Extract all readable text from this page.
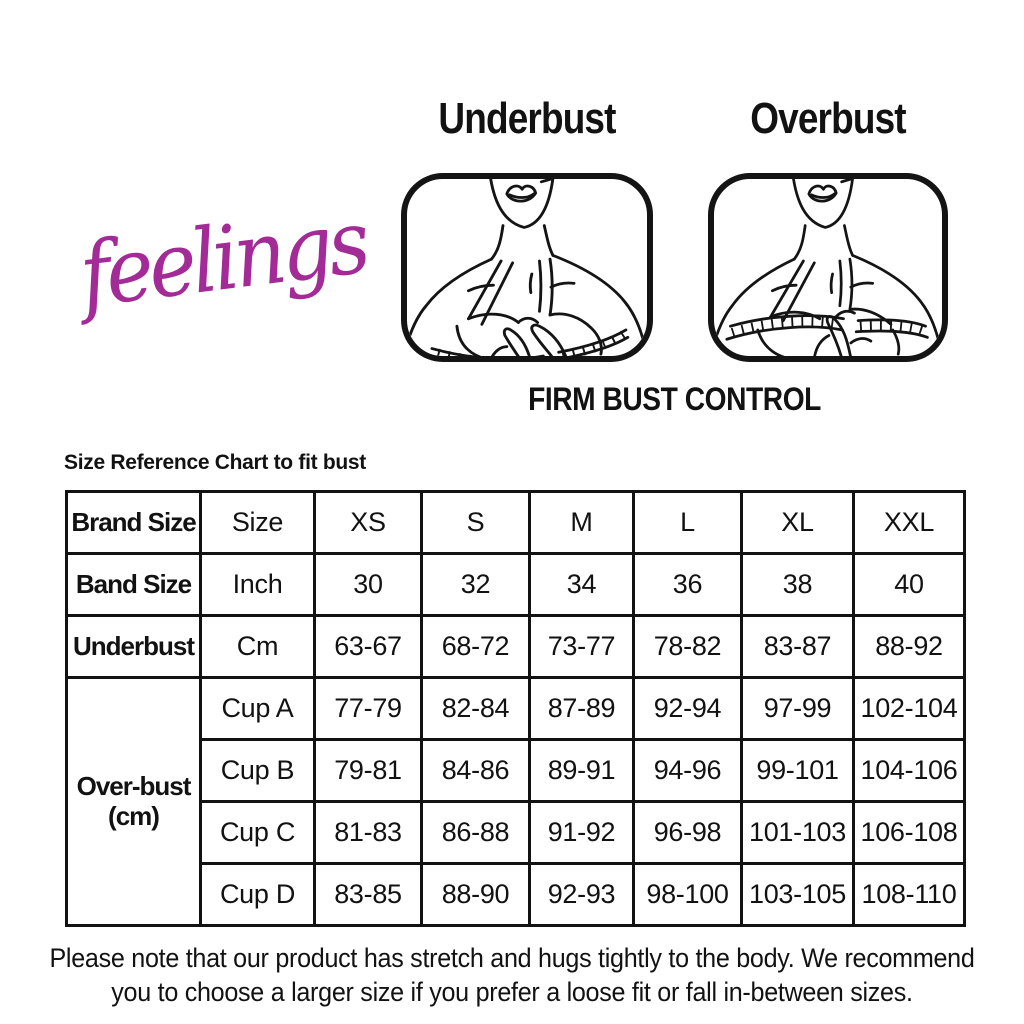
feelings
Underbust	Overbust
FIRM BUST CONTROL
Size Reference Chart to fit bust
Brand Size	Size	XS	S	M	L	XL	XXL
Band Size	Inch	30	32	34	36	38	40
Underbust	Cm	63-67	68-72	73-77	78-82	83-87	88-92
Over-bust (cm)	Cup A	77-79	82-84	87-89	92-94	97-99	102-104
	Cup B	79-81	84-86	89-91	94-96	99-101	104-106
	Cup C	81-83	86-88	91-92	96-98	101-103	106-108
	Cup D	83-85	88-90	92-93	98-100	103-105	108-110
Please note that our product has stretch and hugs tightly to the body. We recommend
you to choose a larger size if you prefer a loose fit or fall in-between sizes.
